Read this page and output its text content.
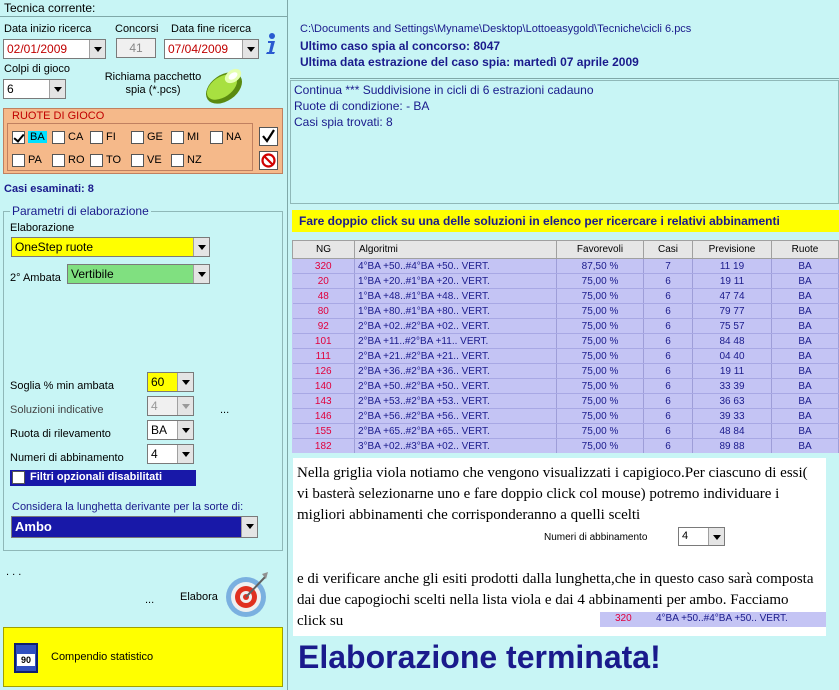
Tecnica corrente:
Data inizio ricerca
02/01/2009
Concorsi
41
Data fine ricerca
07/04/2009
Colpi di gioco
6
Richiama pacchetto spia (*.pcs)
RUOTE DI GIOCO
BA CA FI	GE MI NA
PA RO TO VE NZ
Casi esaminati: 8
Parametri di elaborazione
Elaborazione
OneStep ruote
2° Ambata Vertibile
Soglia % min ambata	60
Soluzioni indicative	4	...
Ruota di rilevamento	BA
Numeri di abbinamento	4
Filtri opzionali disabilitati
Considera la lunghetta derivante per la sorte di:
Ambo
. . .
... Elabora
90	Compendio statistico
C:\Documents and Settings\Myname\Desktop\Lottoeasygold\Tecniche\cicli 6.pcs
Ultimo caso spia al concorso: 8047
Ultima data estrazione del caso spia: martedì 07 aprile 2009
Continua *** Suddivisione in cicli di 6 estrazioni cadauno
Ruote di condizione: - BA
Casi spia trovati: 8
Fare doppio click su una delle soluzioni in elenco per ricercare i relativi abbinamenti
NG	Algoritmi	Favorevoli	Casi	Previsione	Ruote
320	4°BA +50..#4°BA +50.. VERT.	87,50 %	7	11 19	BA
20	1°BA +20..#1°BA +20.. VERT.	75,00 %	6	19 11	BA
48	1°BA +48..#1°BA +48.. VERT.	75,00 %	6	47 74	BA
80	1°BA +80..#1°BA +80.. VERT.	75,00 %	6	79 77	BA
92	2°BA +02..#2°BA +02.. VERT.	75,00 %	6	75 57	BA
101	2°BA +11..#2°BA +11.. VERT.	75,00 %	6	84 48	BA
111	2°BA +21..#2°BA +21.. VERT.	75,00 %	6	04 40	BA
126	2°BA +36..#2°BA +36.. VERT.	75,00 %	6	19 11	BA
140	2°BA +50..#2°BA +50.. VERT.	75,00 %	6	33 39	BA
143	2°BA +53..#2°BA +53.. VERT.	75,00 %	6	36 63	BA
146	2°BA +56..#2°BA +56.. VERT.	75,00 %	6	39 33	BA
155	2°BA +65..#2°BA +65.. VERT.	75,00 %	6	48 84	BA
182	3°BA +02..#3°BA +02.. VERT.	75,00 %	6	89 88	BA
Nella griglia viola notiamo che vengono visualizzati i capigioco.Per ciascuno di essi( vi basterà selezionarne uno e fare doppio click col mouse) potremo individuare i migliori abbinamenti che corrisponderanno a quelli scelti
Numeri di abbinamento	4
e di verificare anche gli esiti prodotti dalla lunghetta,che in questo caso sarà composta dai due capogiochi scelti nella lista viola e dai 4 abbinamenti per ambo. Facciamo click su	320 4°BA +50..#4°BA +50.. VERT.
Elaborazione terminata!
